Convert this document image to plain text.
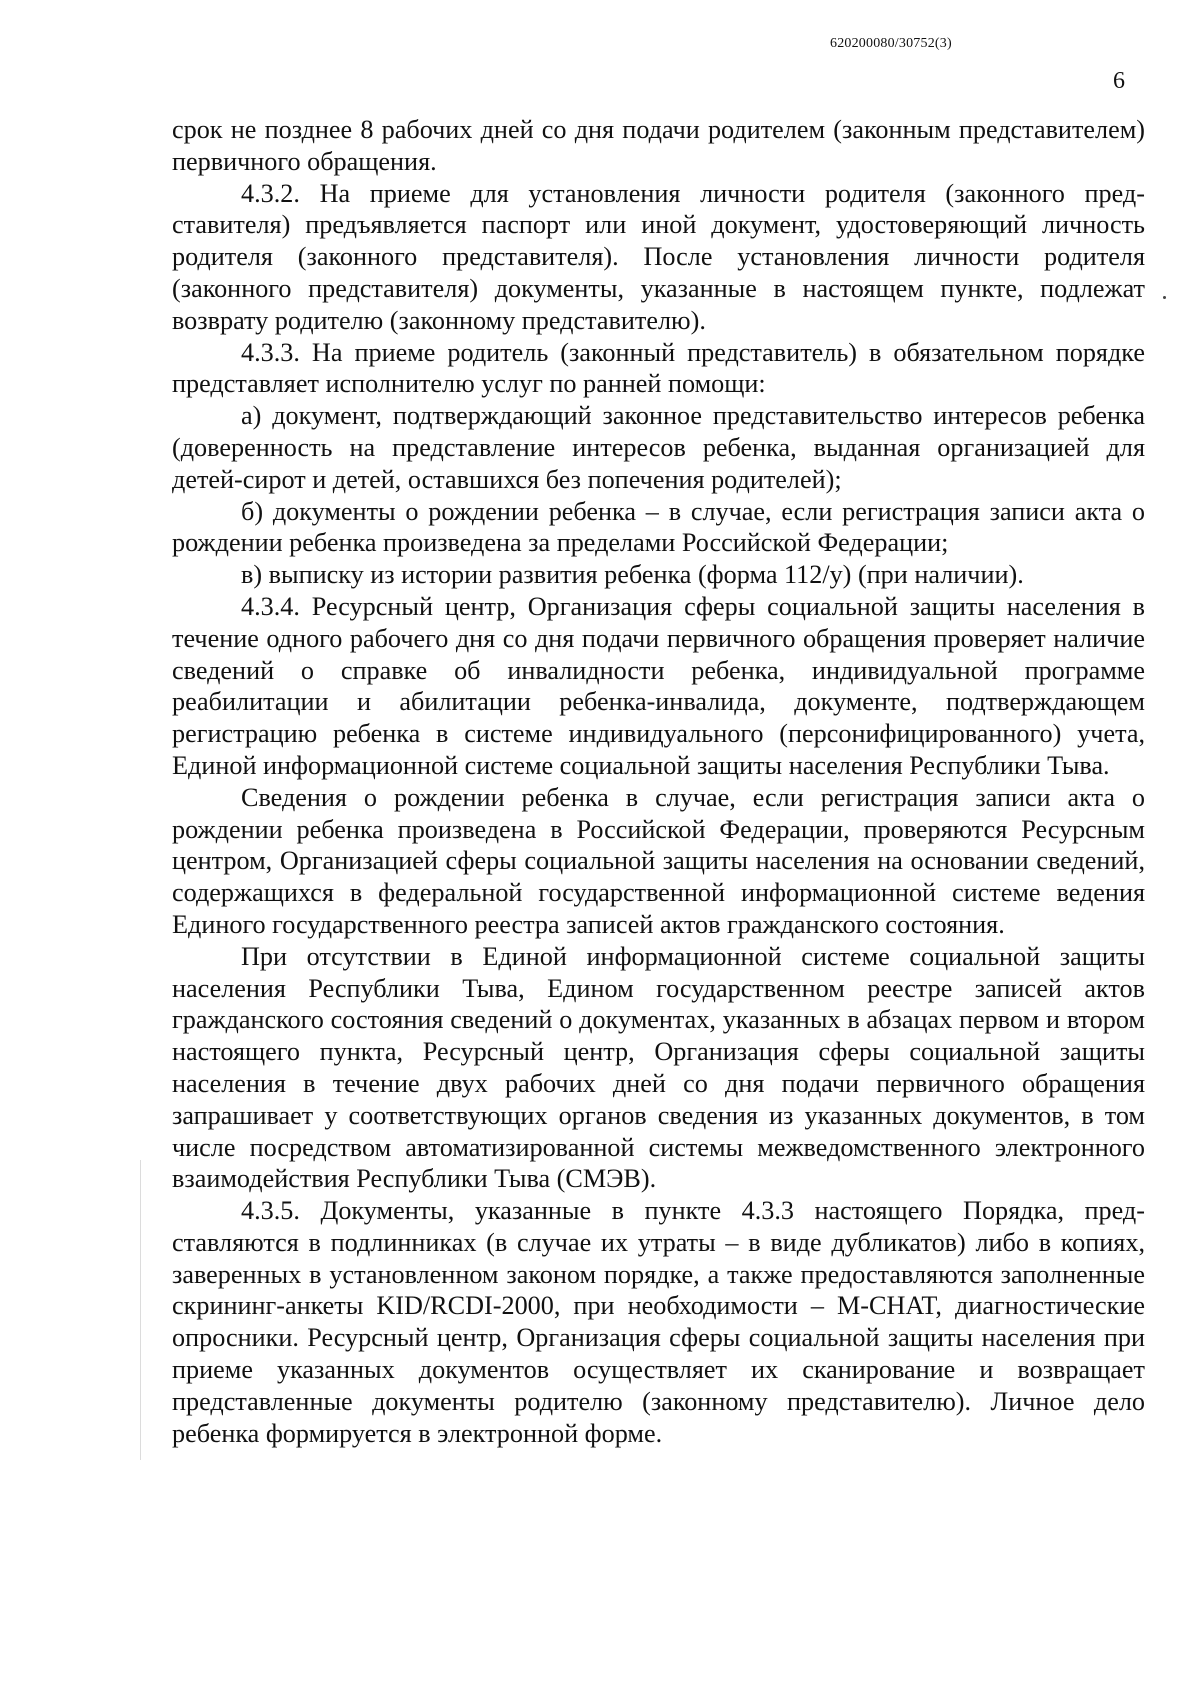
620200080/30752(3)
6

срок не позднее 8 рабочих дней со дня подачи родителем (законным представителем) первичного обращения.

4.3.2. На приеме для установления личности родителя (законного представителя) предъявляется паспорт или иной документ, удостоверяющий личность родителя (законного представителя). После установления личности родителя (законного представителя) документы, указанные в настоящем пункте, подлежат возврату родителю (законному представителю).

4.3.3. На приеме родитель (законный представитель) в обязательном порядке представляет исполнителю услуг по ранней помощи:

а) документ, подтверждающий законное представительство интересов ребенка (доверенность на представление интересов ребенка, выданная организацией для детей-сирот и детей, оставшихся без попечения родителей);

б) документы о рождении ребенка – в случае, если регистрация записи акта о рождении ребенка произведена за пределами Российской Федерации;

в) выписку из истории развития ребенка (форма 112/у) (при наличии).

4.3.4. Ресурсный центр, Организация сферы социальной защиты населения в течение одного рабочего дня со дня подачи первичного обращения проверяет наличие сведений о справке об инвалидности ребенка, индивидуальной программе реабилитации и абилитации ребенка-инвалида, документе, подтверждающем регистрацию ребенка в системе индивидуального (персонифицированного) учета, Единой информационной системе социальной защиты населения Республики Тыва.

Сведения о рождении ребенка в случае, если регистрация записи акта о рождении ребенка произведена в Российской Федерации, проверяются Ресурсным центром, Организацией сферы социальной защиты населения на основании сведений, содержащихся в федеральной государственной информационной системе ведения Единого государственного реестра записей актов гражданского состояния.

При отсутствии в Единой информационной системе социальной защиты населения Республики Тыва, Едином государственном реестре записей актов гражданского состояния сведений о документах, указанных в абзацах первом и втором настоящего пункта, Ресурсный центр, Организация сферы социальной защиты населения в течение двух рабочих дней со дня подачи первичного обращения запрашивает у соответствующих органов сведения из указанных документов, в том числе посредством автоматизированной системы межведомственного электронного взаимодействия Республики Тыва (СМЭВ).

4.3.5. Документы, указанные в пункте 4.3.3 настоящего Порядка, представляются в подлинниках (в случае их утраты – в виде дубликатов) либо в копиях, заверенных в установленном законом порядке, а также предоставляются заполненные скрининг-анкеты KID/RCDI-2000, при необходимости – M-CHAT, диагностические опросники. Ресурсный центр, Организация сферы социальной защиты населения при приеме указанных документов осуществляет их сканирование и возвращает представленные документы родителю (законному представителю). Личное дело ребенка формируется в электронной форме.
